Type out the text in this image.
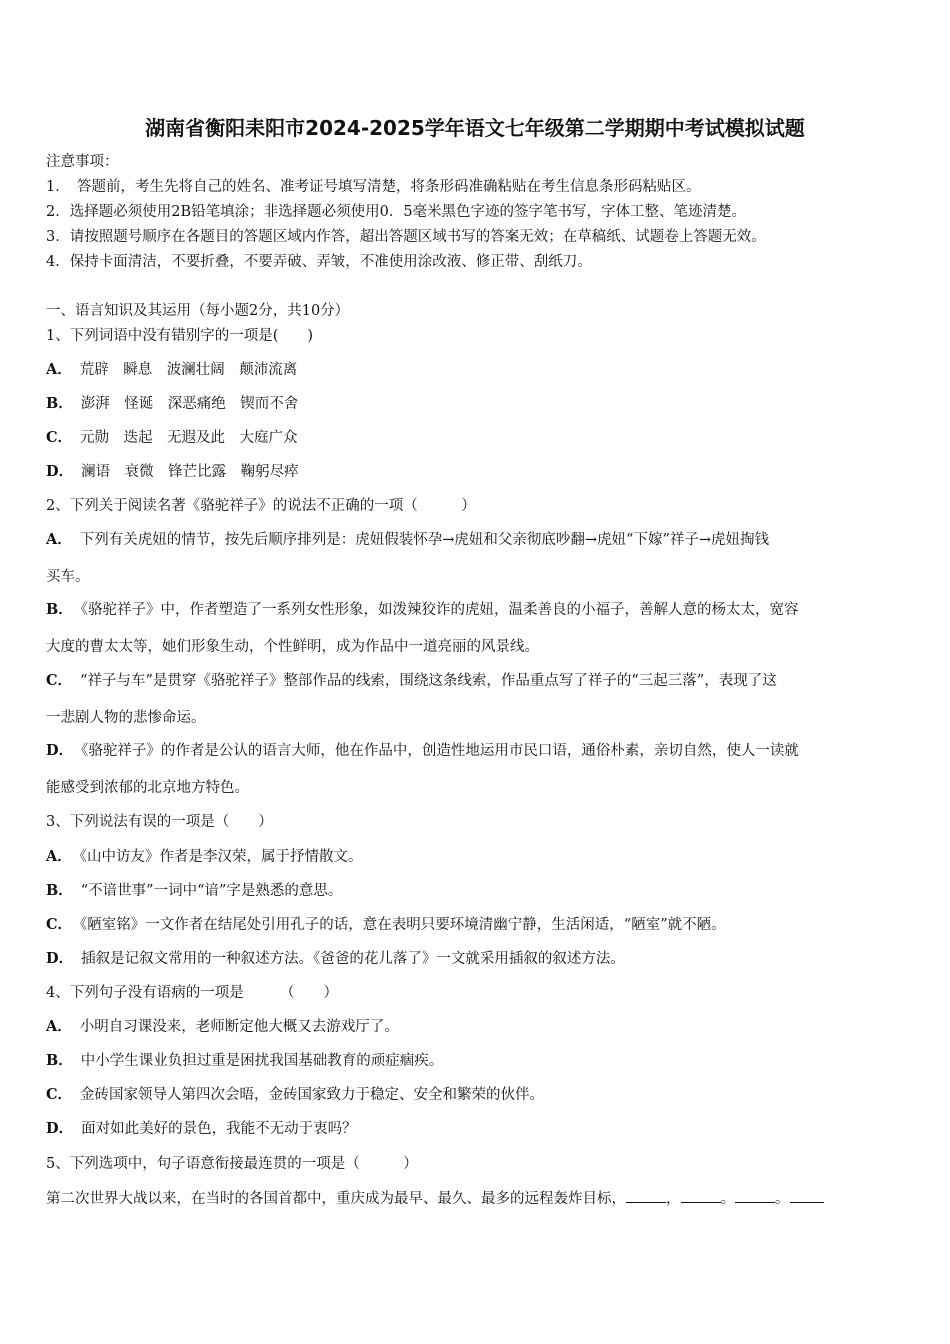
湖南省衡阳耒阳市2024-2025学年语文七年级第二学期期中考试模拟试题
注意事项：
1．　答题前，考生先将自己的姓名、准考证号填写清楚，将条形码准确粘贴在考生信息条形码粘贴区。
2．选择题必须使用2B铅笔填涂；非选择题必须使用0．5毫米黑色字迹的签字笔书写，字体工整、笔迹清楚。
3．请按照题号顺序在各题目的答题区域内作答，超出答题区域书写的答案无效；在草稿纸、试题卷上答题无效。
4．保持卡面清洁，不要折叠，不要弄破、弄皱，不准使用涂改液、修正带、刮纸刀。
一、语言知识及其运用（每小题2分，共10分）
1、下列词语中没有错别字的一项是(　　)
A． 荒辟　瞬息　波澜壮阔　颠沛流离
B． 澎湃　怪诞　深恶痛绝　锲而不舍
C． 元勋　迭起　无遐及此　大庭广众
D． 澜语　衰微　锋芒比露　鞠躬尽瘁
2、下列关于阅读名著《骆驼祥子》的说法不正确的一项（　　　）
A． 下列有关虎妞的情节，按先后顺序排列是：虎妞假装怀孕→虎妞和父亲彻底吵翻→虎妞“下嫁”祥子→虎妞掏钱
买车。
B． 《骆驼祥子》中，作者塑造了一系列女性形象，如泼辣狡诈的虎妞，温柔善良的小福子，善解人意的杨太太，宽容
大度的曹太太等，她们形象生动，个性鲜明，成为作品中一道亮丽的风景线。
C． “祥子与车”是贯穿《骆驼祥子》整部作品的线索，围绕这条线索，作品重点写了祥子的“三起三落”，表现了这
一悲剧人物的悲惨命运。
D． 《骆驼祥子》的作者是公认的语言大师，他在作品中，创造性地运用市民口语，通俗朴素，亲切自然，使人一读就
能感受到浓郁的北京地方特色。
3、下列说法有误的一项是（　　）
A． 《山中访友》作者是李汉荣，属于抒情散文。
B． “不谙世事”一词中“谙”字是熟悉的意思。
C． 《陋室铭》一文作者在结尾处引用孔子的话，意在表明只要环境清幽宁静，生活闲适，“陋室”就不陋。
D． 插叙是记叙文常用的一种叙述方法。《爸爸的花儿落了》一文就采用插叙的叙述方法。
4、下列句子没有语病的一项是　　　（　　）
A． 小明自习课没来，老师断定他大概又去游戏厅了。
B． 中小学生课业负担过重是困扰我国基础教育的顽症痼疾。
C． 金砖国家领导人第四次会晤，金砖国家致力于稳定、安全和繁荣的伙伴。
D． 面对如此美好的景色，我能不无动于衷吗？
5、下列选项中，句子语意衔接最连贯的一项是（　　　）
第二次世界大战以来，在当时的各国首都中，重庆成为最早、最久、最多的远程轰炸目标，	，	。	。
